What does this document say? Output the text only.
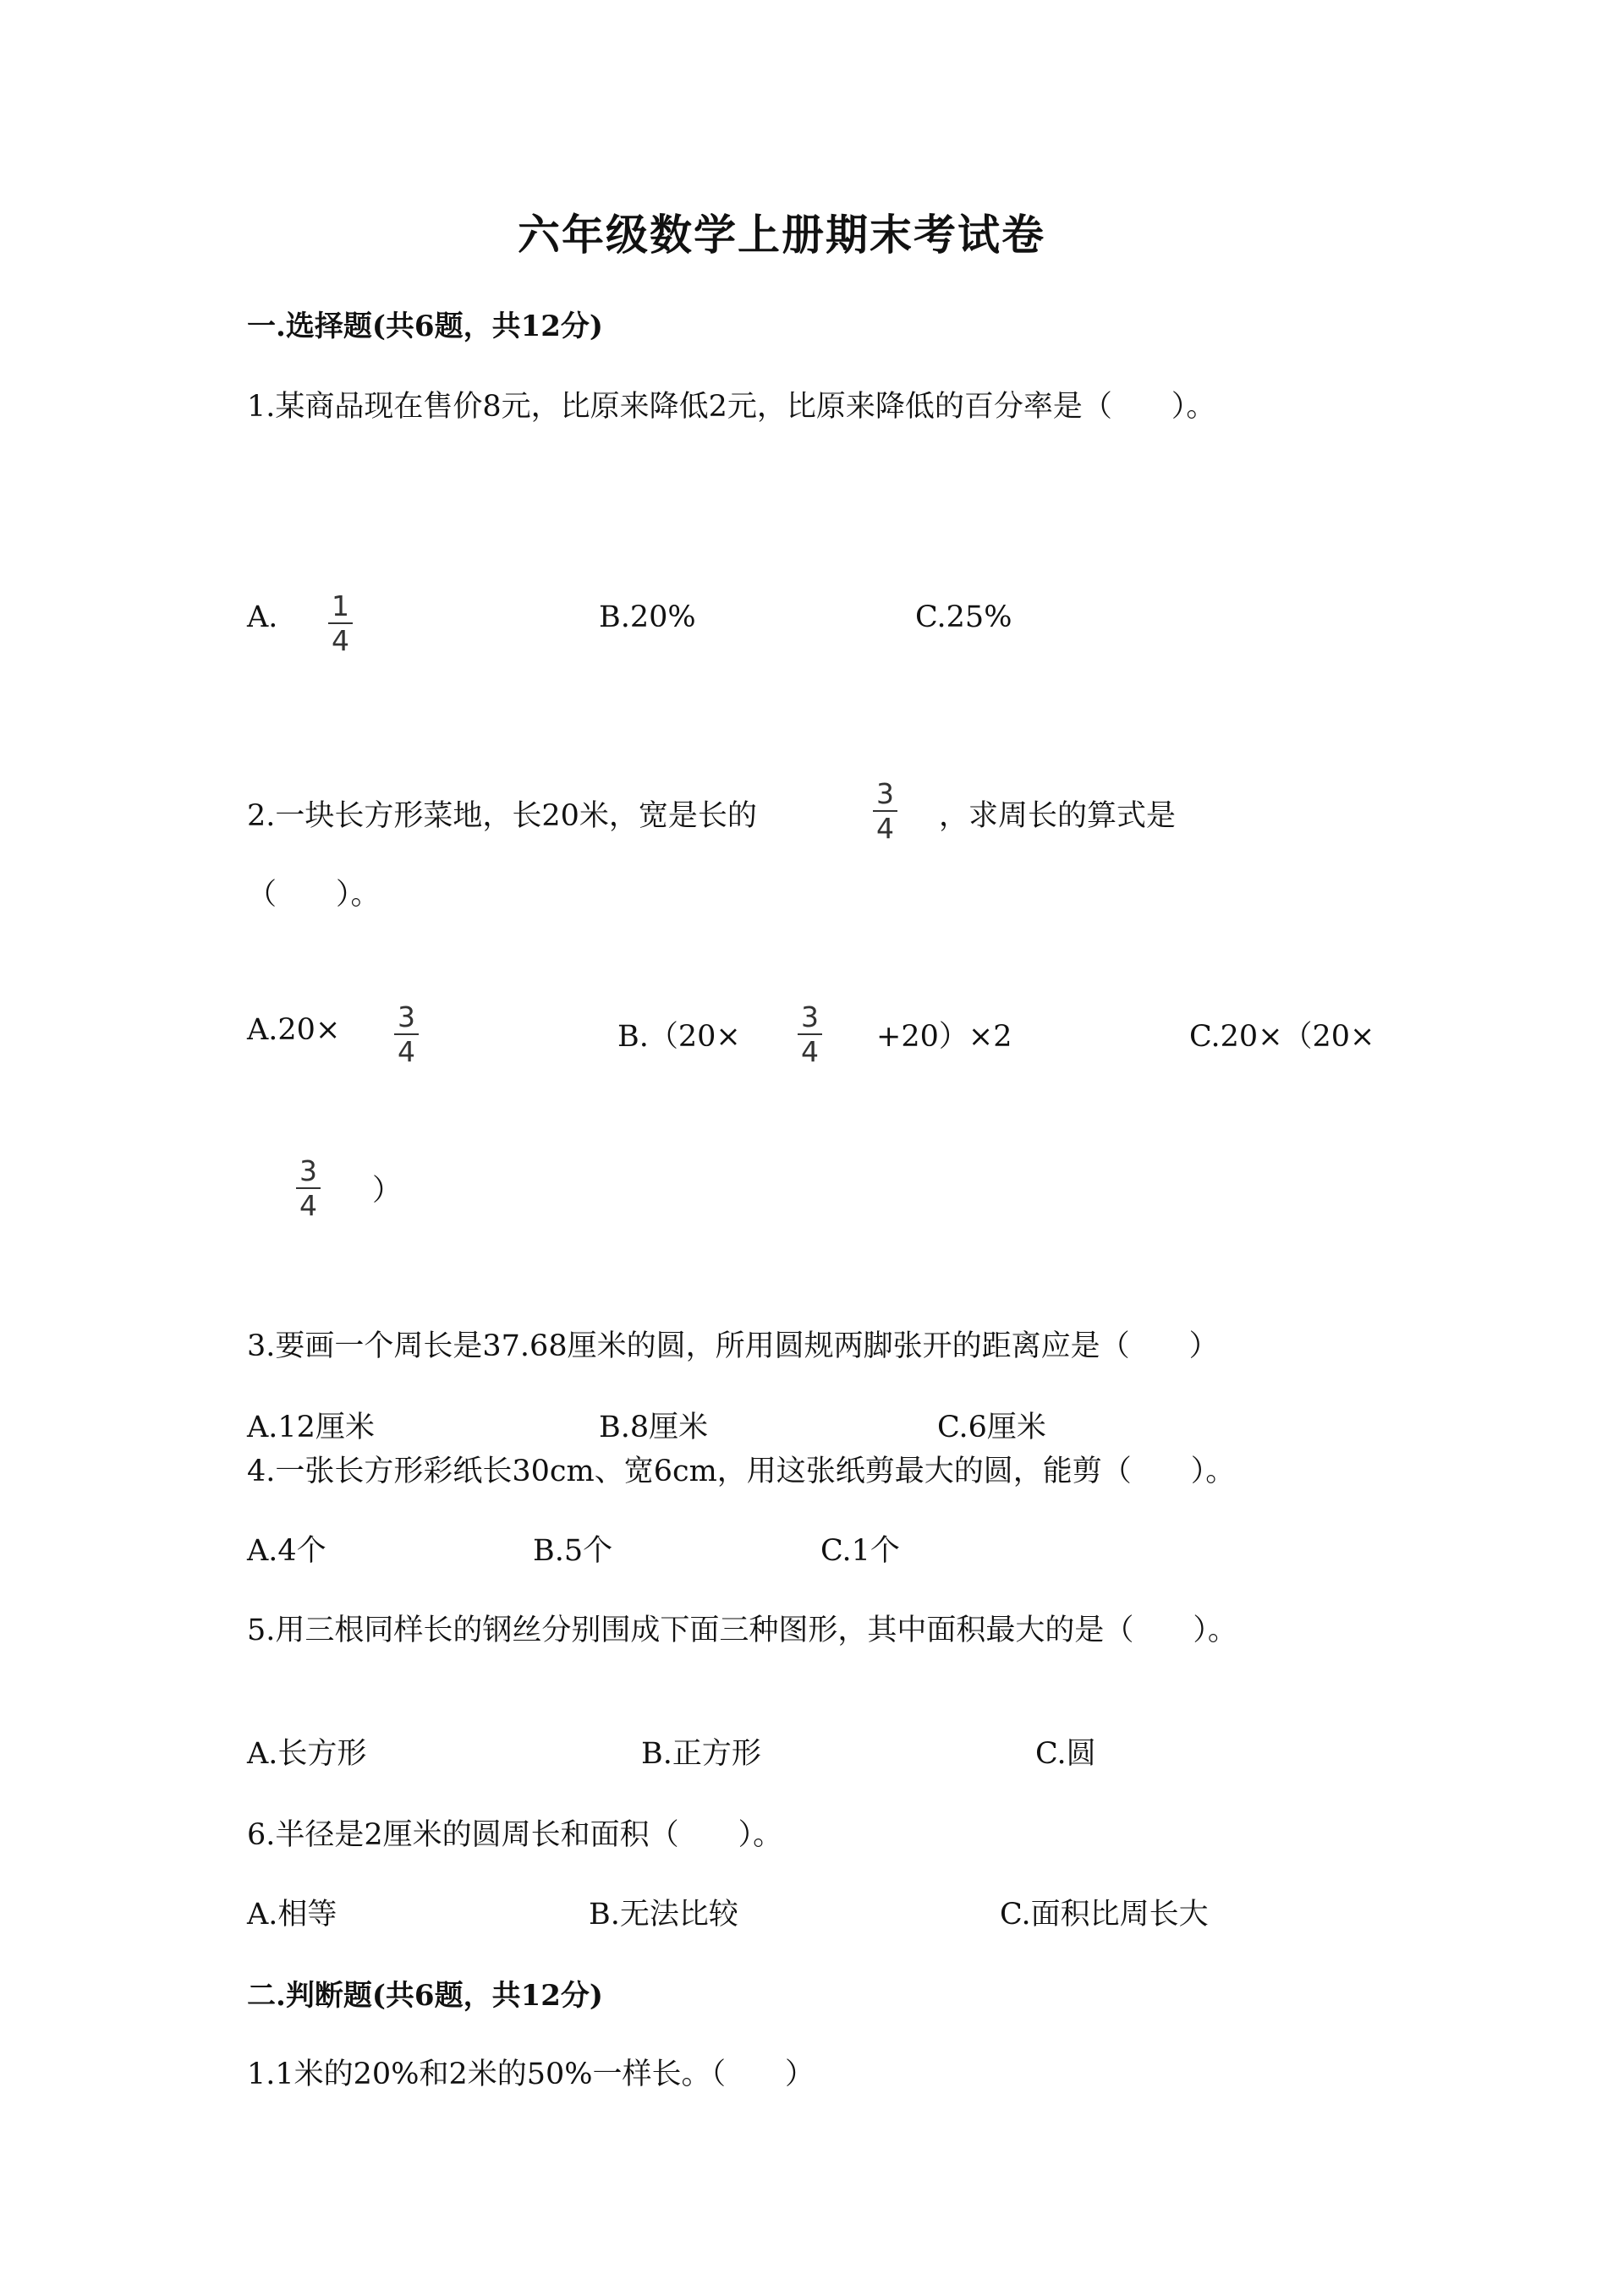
六年级数学上册期末考试卷
一.选择题(共6题，共12分)
1.某商品现在售价8元，比原来降低2元，比原来降低的百分率是（　　）。
A. $\frac{1}{4}$	B.20%	C.25%
2.一块长方形菜地，长20米，宽是长的	$\frac{3}{4}$ ，求周长的算式是
（　　）。
$A.20\times \frac{3}{4}$	$B.(20\times \frac{3}{4} +20)\times 2$	C.20×（20×
$\frac{3}{4}$ ）
3.要画一个周长是37.68厘米的圆，所用圆规两脚张开的距离应是（　　）
A.12厘米	B.8厘米	C.6厘米
4.一张长方形彩纸长30cm、宽6cm，用这张纸剪最大的圆，能剪（　　）。
A.4个	B.5个	C.1个
5.用三根同样长的钢丝分别围成下面三种图形，其中面积最大的是（　　）。
A.长方形	B.正方形	C.圆
6.半径是2厘米的圆周长和面积（　　）。
A.相等	B.无法比较	C.面积比周长大
二.判断题(共6题，共12分)
1.1米的20%和2米的50%一样长。（　　）
